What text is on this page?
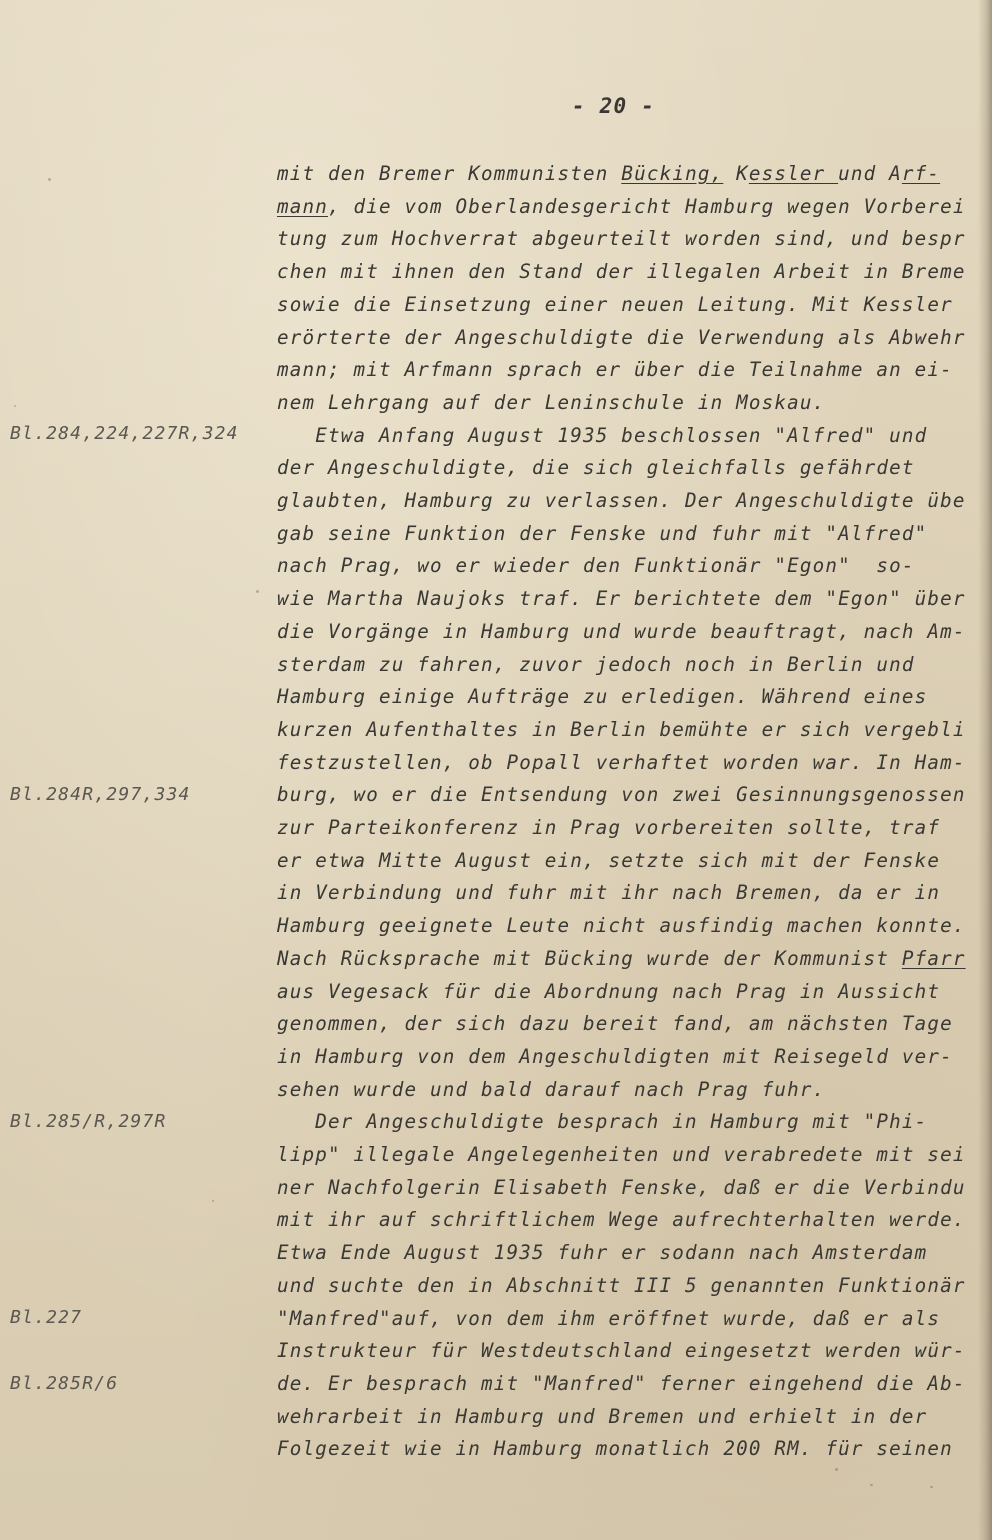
- 20 -
Bl.284,224,227R,324
Bl.284R,297,334
Bl.285/R,297R
Bl.227
Bl.285R/6
mit den Bremer Kommunisten Bücking, Kessler und Arf-
mann, die vom Oberlandesgericht Hamburg wegen Vorberei
tung zum Hochverrat abgeurteilt worden sind, und bespr
chen mit ihnen den Stand der illegalen Arbeit in Breme
sowie die Einsetzung einer neuen Leitung. Mit Kessler
erörterte der Angeschuldigte die Verwendung als Abwehr
mann; mit Arfmann sprach er über die Teilnahme an ei-
nem Lehrgang auf der Leninschule in Moskau.
Etwa Anfang August 1935 beschlossen "Alfred" und
der Angeschuldigte, die sich gleichfalls gefährdet
glaubten, Hamburg zu verlassen. Der Angeschuldigte übe
gab seine Funktion der Fenske und fuhr mit "Alfred"
nach Prag, wo er wieder den Funktionär "Egon"  so-
wie Martha Naujoks traf. Er berichtete dem "Egon" über
die Vorgänge in Hamburg und wurde beauftragt, nach Am-
sterdam zu fahren, zuvor jedoch noch in Berlin und
Hamburg einige Aufträge zu erledigen. Während eines
kurzen Aufenthaltes in Berlin bemühte er sich vergebli
festzustellen, ob Popall verhaftet worden war. In Ham-
burg, wo er die Entsendung von zwei Gesinnungsgenossen
zur Parteikonferenz in Prag vorbereiten sollte, traf
er etwa Mitte August ein, setzte sich mit der Fenske
in Verbindung und fuhr mit ihr nach Bremen, da er in
Hamburg geeignete Leute nicht ausfindig machen konnte.
Nach Rücksprache mit Bücking wurde der Kommunist Pfarr
aus Vegesack für die Abordnung nach Prag in Aussicht
genommen, der sich dazu bereit fand, am nächsten Tage
in Hamburg von dem Angeschuldigten mit Reisegeld ver-
sehen wurde und bald darauf nach Prag fuhr.
Der Angeschuldigte besprach in Hamburg mit "Phi-
lipp" illegale Angelegenheiten und verabredete mit sei
ner Nachfolgerin Elisabeth Fenske, daß er die Verbindu
mit ihr auf schriftlichem Wege aufrechterhalten werde.
Etwa Ende August 1935 fuhr er sodann nach Amsterdam
und suchte den in Abschnitt III 5 genannten Funktionär
"Manfred"auf, von dem ihm eröffnet wurde, daß er als
Instrukteur für Westdeutschland eingesetzt werden wür-
de. Er besprach mit "Manfred" ferner eingehend die Ab-
wehrarbeit in Hamburg und Bremen und erhielt in der
Folgezeit wie in Hamburg monatlich 200 RM. für seinen
